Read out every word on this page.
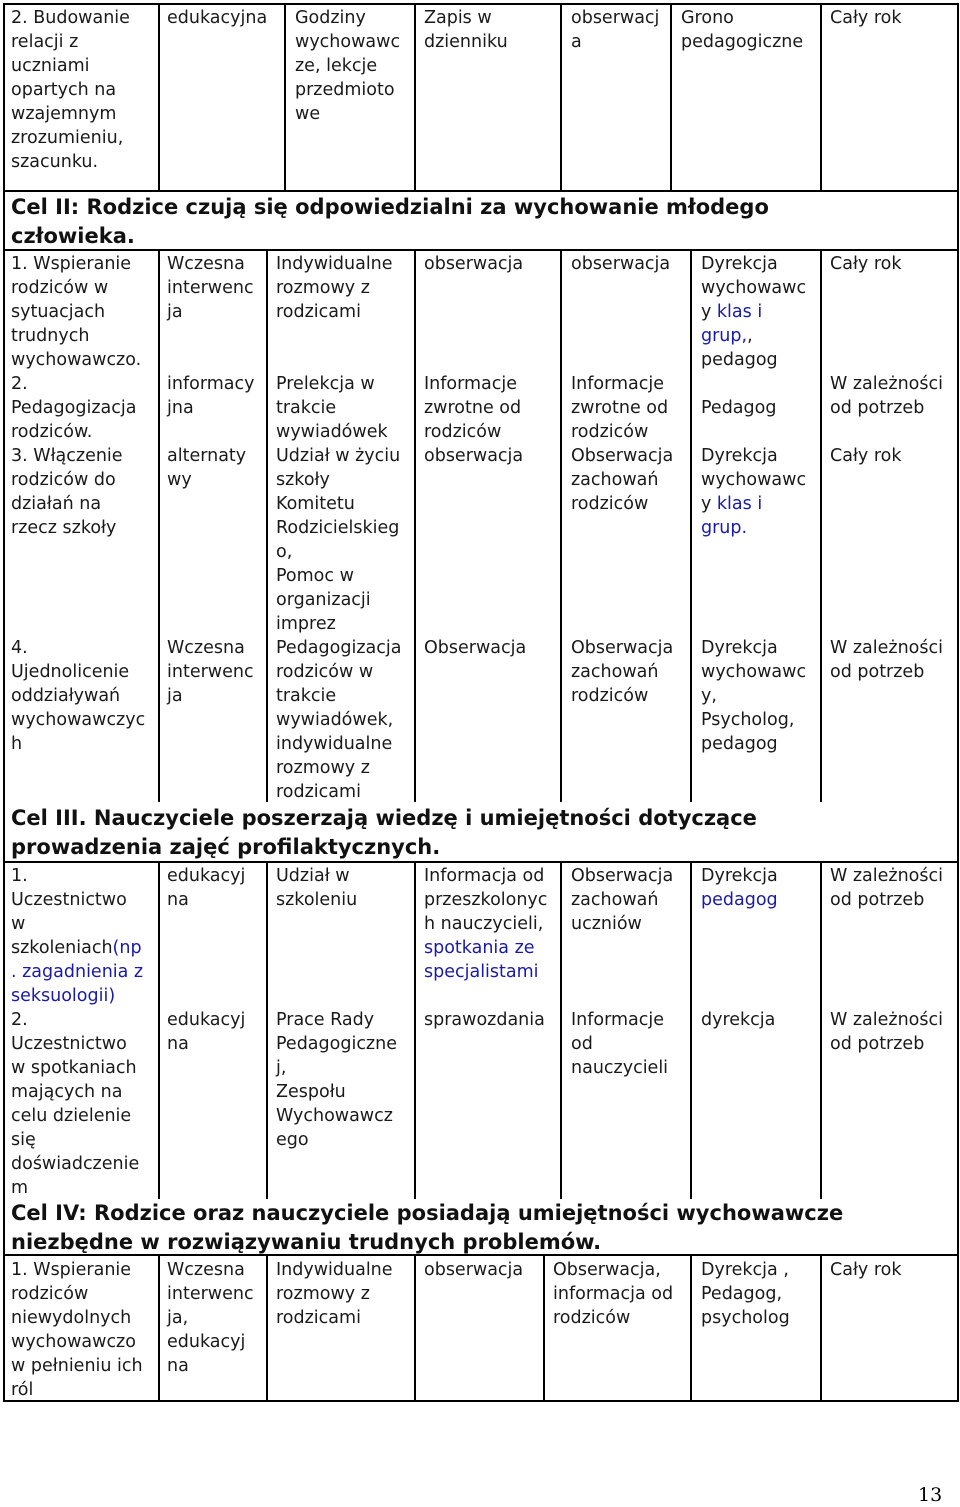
2. Budowanie
relacji z
uczniami
opartych na
wzajemnym
zrozumieniu,
szacunku.
edukacyjna Godziny
wychowawc
ze, lekcje
przedmioto
we
Zapis w
dzienniku
obserwacj
a
Grono
pedagogiczne
Cały rok
Cel II: Rodzice czują się odpowiedzialni za wychowanie młodego
człowieka.
1. Wspieranie
rodziców w
sytuacjach
trudnych
wychowawczo.
2.
Pedagogizacja
rodziców.
3. Włączenie
rodziców do
działań na
rzecz szkoły
4.
Ujednolicenie
oddziaływań
wychowawczyc
h
Wczesna
interwenc
ja
informacy
jna
alternaty
wy
Wczesna
interwenc
ja
Indywidualne
rozmowy z
rodzicami
Prelekcja w
trakcie
wywiadówek
Udział w życiu
szkoły
Komitetu
Rodzicielskieg
o,
Pomoc w
organizacji
imprez
Pedagogizacja
rodziców w
trakcie
wywiadówek,
indywidualne
rozmowy z
rodzicami
obserwacja
Informacje
zwrotne od
rodziców
obserwacja
Obserwacja
obserwacja
Informacje
zwrotne od
rodziców
Obserwacja
zachowań
rodziców
Obserwacja
zachowań
rodziców
Dyrekcja
wychowawc
y klas i
grup,,
pedagog
Pedagog
Dyrekcja
wychowawc
y klas i
grup.
Dyrekcja
wychowawc
y,
Psycholog,
pedagog
Cały rok
W zależności
od potrzeb
Cały rok
W zależności
od potrzeb
Cel III. Nauczyciele poszerzają wiedzę i umiejętności dotyczące
prowadzenia zajęć profilaktycznych.
1.
Uczestnictwo
w
szkoleniach(np
. zagadnienia z
seksuologii)
edukacyj
na
Udział w
szkoleniu
Informacja od
przeszkolonyc
h nauczycieli,
spotkania ze
specjalistami
Obserwacja
zachowań
uczniów
Dyrekcja
pedagog
W zależności
od potrzeb
2.
Uczestnictwo
w spotkaniach
mających na
celu dzielenie
się
doświadczenie
m
edukacyj
na
Prace Rady
Pedagogiczne
j,
Zespołu
Wychowawcz
ego
sprawozdania Informacje
od
nauczycieli
dyrekcja	W zależności
od potrzeb
Cel IV: Rodzice oraz nauczyciele posiadają umiejętności wychowawcze
niezbędne w rozwiązywaniu trudnych problemów.
1. Wspieranie
rodziców
niewydolnych
wychowawczo
w pełnieniu ich
ról
Wczesna
interwenc
ja,
edukacyj
na
Indywidualne
rozmowy z
rodzicami
obserwacja Obserwacja,
informacja od
rodziców
Dyrekcja ,
Pedagog,
psycholog
Cały rok
13
